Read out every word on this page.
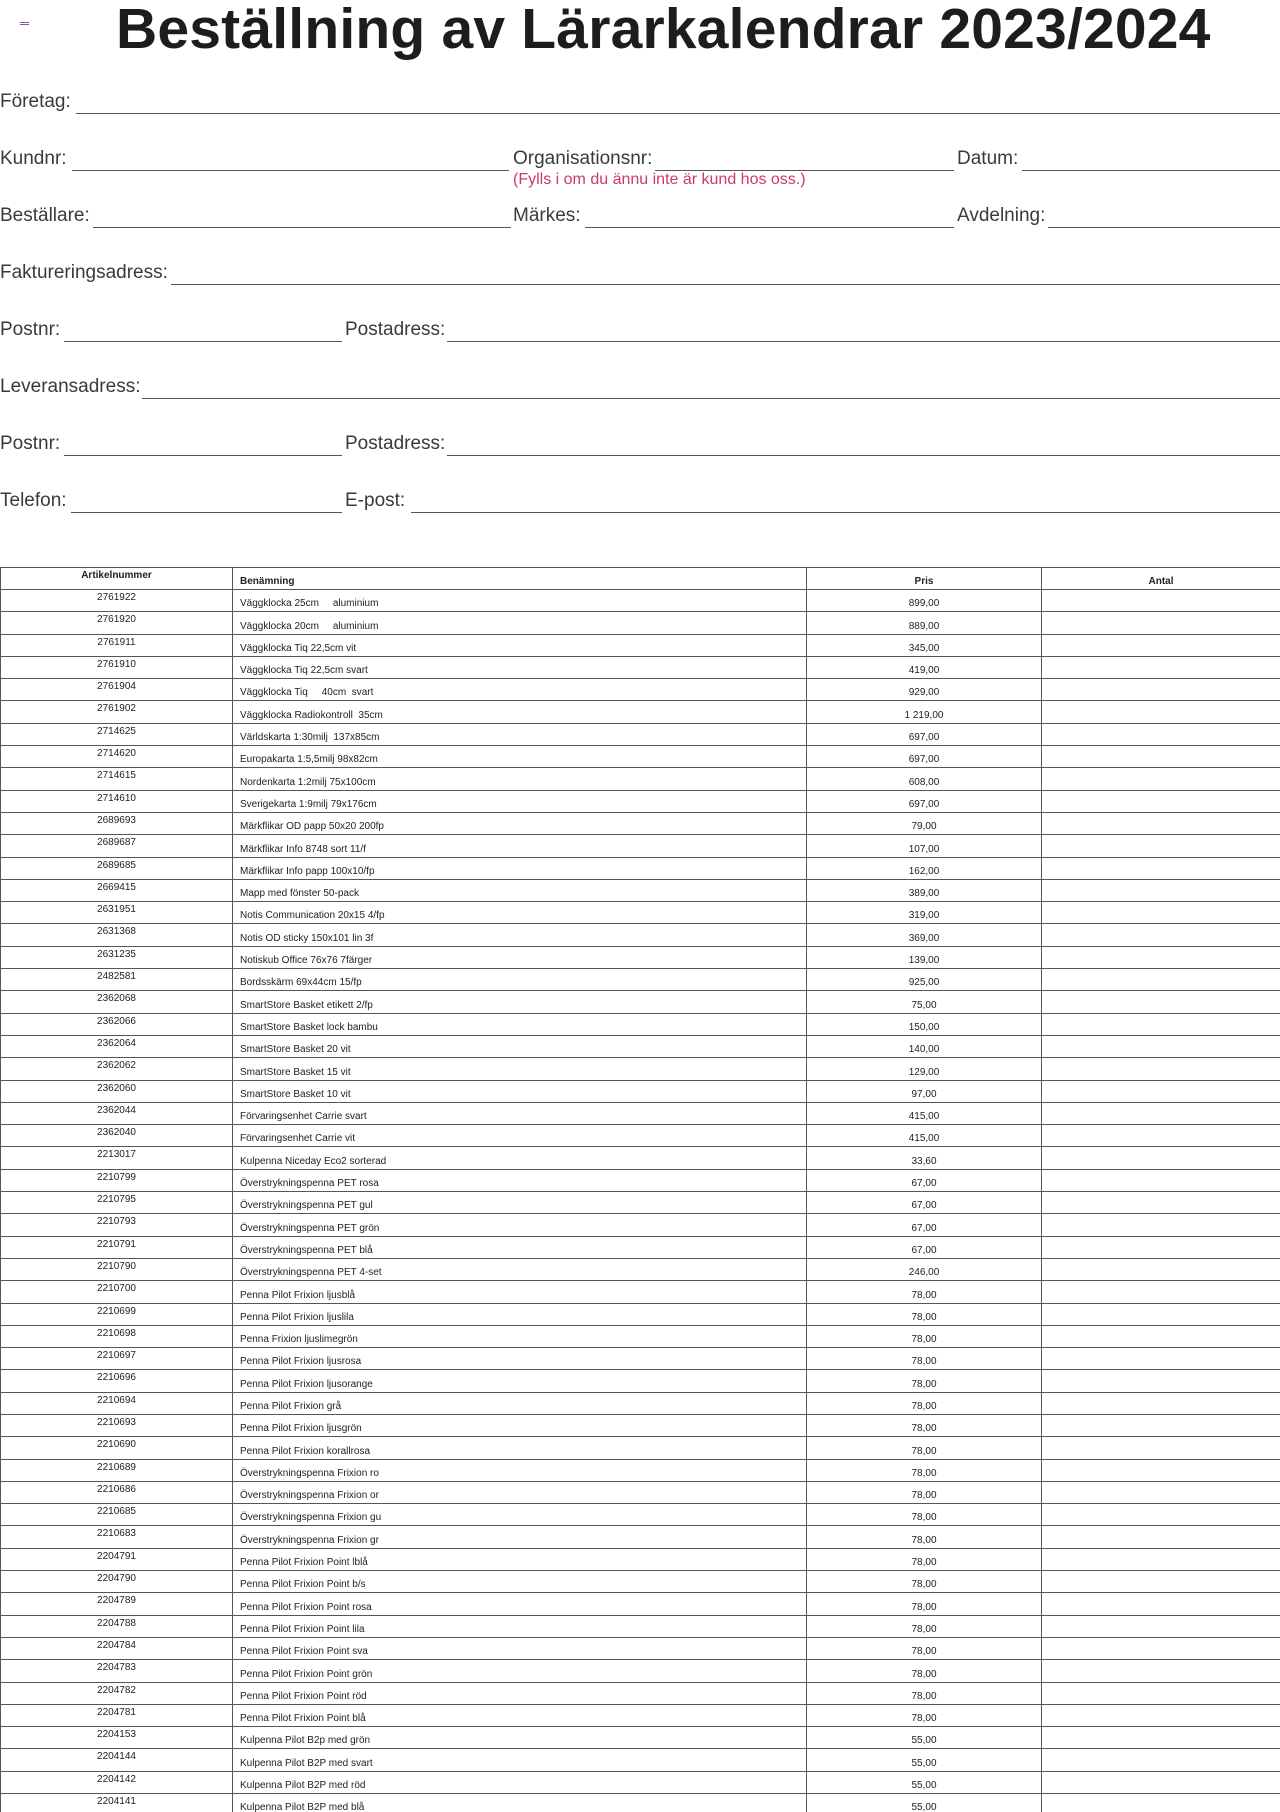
Beställning av Lärarkalendrar 2023/2024
Företag:
Kundnr:	Organisationsnr:	Datum:
(Fylls i om du ännu inte är kund hos oss.)
Beställare:	Märkes:	Avdelning:
Faktureringsadress:
Postnr:	Postadress:
Leveransadress:
Postnr:	Postadress:
Telefon:	E-post:
Artikelnummer	Benämning	Pris	Antal
2761922	Väggklocka 25cm     aluminium	899,00	
2761920	Väggklocka 20cm     aluminium	889,00	
2761911	Väggklocka Tiq 22,5cm vit	345,00	
2761910	Väggklocka Tiq 22,5cm svart	419,00	
2761904	Väggklocka Tiq     40cm  svart	929,00	
2761902	Väggklocka Radiokontroll  35cm	1 219,00	
2714625	Världskarta 1:30milj  137x85cm	697,00	
2714620	Europakarta 1:5,5milj 98x82cm	697,00	
2714615	Nordenkarta 1:2milj 75x100cm	608,00	
2714610	Sverigekarta 1:9milj 79x176cm	697,00	
2689693	Märkflikar OD papp 50x20 200fp	79,00	
2689687	Märkflikar Info 8748 sort 11/f	107,00	
2689685	Märkflikar Info papp 100x10/fp	162,00	
2669415	Mapp med fönster 50-pack	389,00	
2631951	Notis Communication 20x15 4/fp	319,00	
2631368	Notis OD sticky 150x101 lin 3f	369,00	
2631235	Notiskub Office 76x76 7färger	139,00	
2482581	Bordsskärm 69x44cm 15/fp	925,00	
2362068	SmartStore Basket etikett 2/fp	75,00	
2362066	SmartStore Basket lock bambu	150,00	
2362064	SmartStore Basket 20 vit	140,00	
2362062	SmartStore Basket 15 vit	129,00	
2362060	SmartStore Basket 10 vit	97,00	
2362044	Förvaringsenhet Carrie svart	415,00	
2362040	Förvaringsenhet Carrie vit	415,00	
2213017	Kulpenna Niceday Eco2 sorterad	33,60	
2210799	Överstrykningspenna PET rosa	67,00	
2210795	Överstrykningspenna PET gul	67,00	
2210793	Överstrykningspenna PET grön	67,00	
2210791	Överstrykningspenna PET blå	67,00	
2210790	Överstrykningspenna PET 4-set	246,00	
2210700	Penna Pilot Frixion ljusblå	78,00	
2210699	Penna Pilot Frixion ljuslila	78,00	
2210698	Penna Frixion ljuslimegrön	78,00	
2210697	Penna Pilot Frixion ljusrosa	78,00	
2210696	Penna Pilot Frixion ljusorange	78,00	
2210694	Penna Pilot Frixion grå	78,00	
2210693	Penna Pilot Frixion ljusgrön	78,00	
2210690	Penna Pilot Frixion korallrosa	78,00	
2210689	Överstrykningspenna Frixion ro	78,00	
2210686	Överstrykningspenna Frixion or	78,00	
2210685	Överstrykningspenna Frixion gu	78,00	
2210683	Överstrykningspenna Frixion gr	78,00	
2204791	Penna Pilot Frixion Point lblå	78,00	
2204790	Penna Pilot Frixion Point b/s	78,00	
2204789	Penna Pilot Frixion Point rosa	78,00	
2204788	Penna Pilot Frixion Point lila	78,00	
2204784	Penna Pilot Frixion Point sva	78,00	
2204783	Penna Pilot Frixion Point grön	78,00	
2204782	Penna Pilot Frixion Point röd	78,00	
2204781	Penna Pilot Frixion Point blå	78,00	
2204153	Kulpenna Pilot B2p med grön	55,00	
2204144	Kulpenna Pilot B2P med svart	55,00	
2204142	Kulpenna Pilot B2P med röd	55,00	
2204141	Kulpenna Pilot B2P med blå	55,00	
